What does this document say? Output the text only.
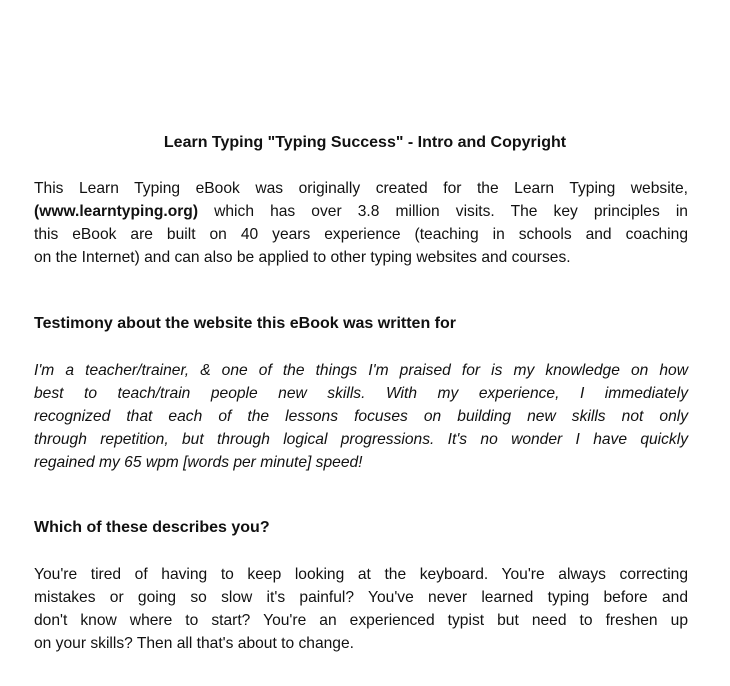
Learn Typing "Typing Success" - Intro and Copyright
This Learn Typing eBook was originally created for the Learn Typing website,
(www.learntyping.org) which has over 3.8 million visits. The key principles in
this eBook are built on 40 years experience (teaching in schools and coaching
on the Internet) and can also be applied to other typing websites and courses.
Testimony about the website this eBook was written for
I'm a teacher/trainer, & one of the things I'm praised for is my knowledge on how
best to teach/train people new skills. With my experience, I immediately
recognized that each of the lessons focuses on building new skills not only
through repetition, but through logical progressions. It's no wonder I have quickly
regained my 65 wpm [words per minute] speed!
Which of these describes you?
You're tired of having to keep looking at the keyboard. You're always correcting
mistakes or going so slow it's painful? You've never learned typing before and
don't know where to start? You're an experienced typist but need to freshen up
on your skills? Then all that's about to change.
